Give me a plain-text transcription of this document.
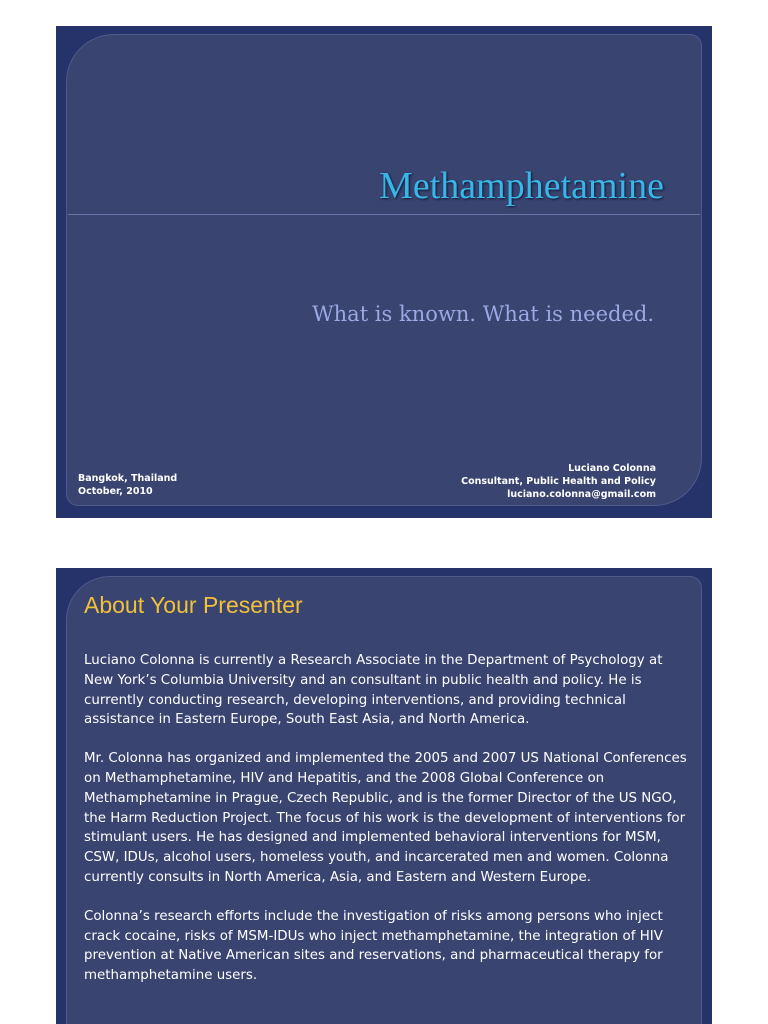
Methamphetamine
What is known. What is needed.
Bangkok, Thailand
October, 2010
Luciano Colonna
Consultant, Public Health and Policy
luciano.colonna@gmail.com
About Your Presenter

Luciano Colonna is currently a Research Associate in the Department of Psychology at New York’s Columbia University and an consultant in public health and policy. He is currently conducting research, developing interventions, and providing technical assistance in Eastern Europe, South East Asia, and North America.

Mr. Colonna has organized and implemented the 2005 and 2007 US National Conferences on Methamphetamine, HIV and Hepatitis, and the 2008 Global Conference on Methamphetamine in Prague, Czech Republic, and is the former Director of the US NGO, the Harm Reduction Project. The focus of his work is the development of interventions for stimulant users. He has designed and implemented behavioral interventions for MSM, CSW, IDUs, alcohol users, homeless youth, and incarcerated men and women. Colonna currently consults in North America, Asia, and Eastern and Western Europe.

Colonna’s research efforts include the investigation of risks among persons who inject crack cocaine, risks of MSM-IDUs who inject methamphetamine, the integration of HIV prevention at Native American sites and reservations, and pharmaceutical therapy for methamphetamine users.
